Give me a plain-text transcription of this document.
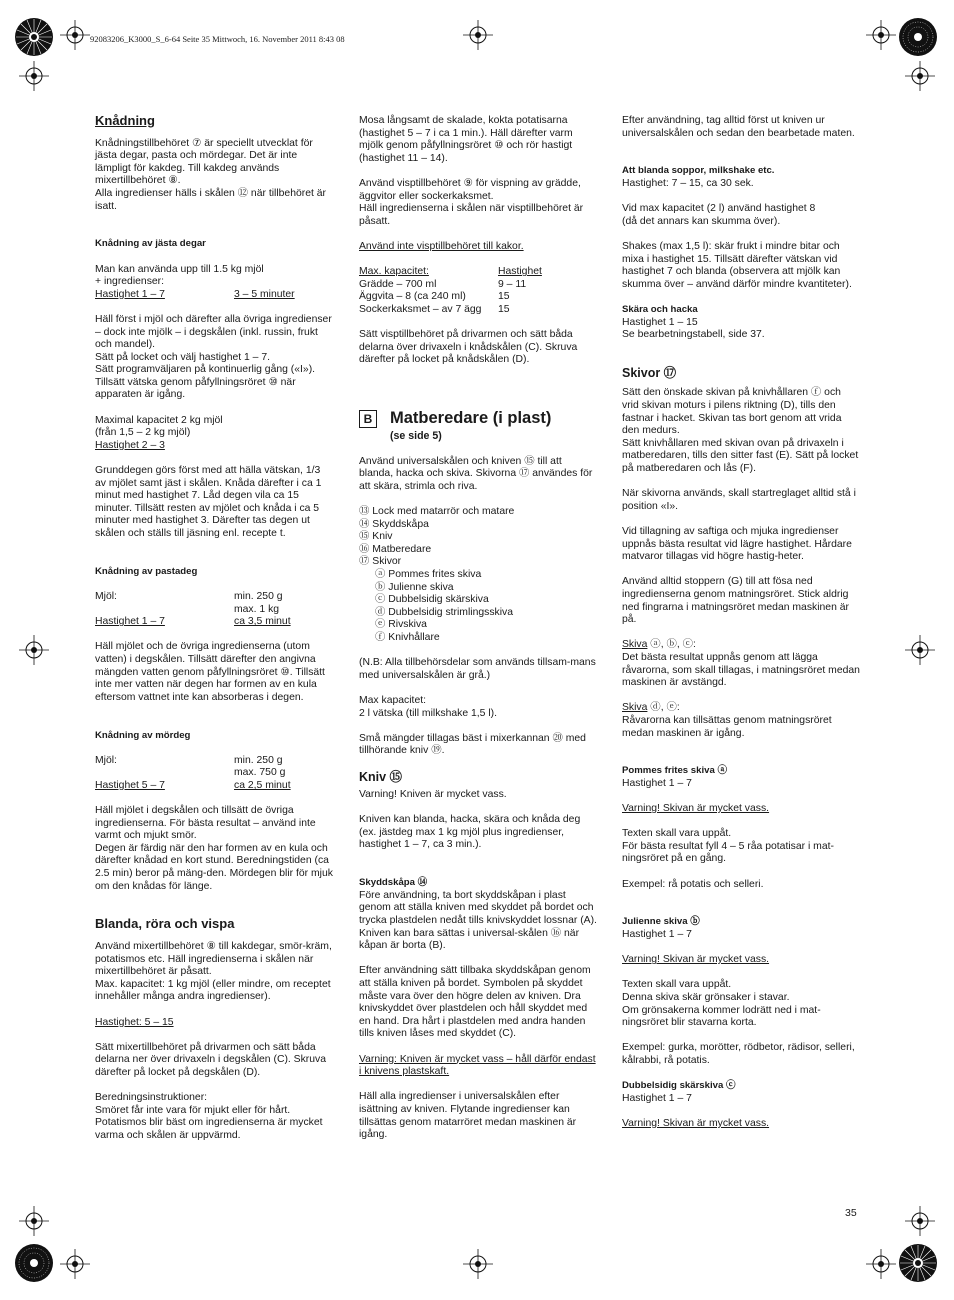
92083206_K3000_S_6-64 Seite 35 Mittwoch, 16. November 2011 8:43 08
Knådning
Knådningstillbehöret ⑦ är speciellt utvecklat för jästa degar, pasta och mördegar. Det är inte lämpligt för kakdeg. Till kakdeg används mixertillbehöret ⑧.
Alla ingredienser hälls i skålen ⑫ när tillbehöret är isatt.
Knådning av jästa degar
Man kan använda upp till 1.5 kg mjöl
+ ingredienser:
Hastighet 1 – 7	3 – 5 minuter
Häll först i mjöl och därefter alla övriga ingredienser – dock inte mjölk – i degskålen (inkl. russin, frukt och mandel).
Sätt på locket och välj hastighet 1 – 7.
Sätt programväljaren på kontinuerlig gång («I»).
Tillsätt vätska genom påfyllningsröret ⑩ när apparaten är igång.
Maximal kapacitet 2 kg mjöl
(från 1,5 – 2 kg mjöl)
Hastighet 2 – 3

Grunddegen görs först med att hälla vätskan, 1/3 av mjölet samt jäst i skålen. Knåda därefter i ca 1 minut med hastighet 7. Låd degen vila ca 15 minuter. Tillsätt resten av mjölet och knåda i ca 5 minuter med hastighet 3. Därefter tas degen ut skålen och ställs till jäsning enl. recepte t.

Knådning av pastadeg
Mjöl:	min. 250 g
max. 1 kg
Hastighet 1 – 7	ca 3,5 minut

Häll mjölet och de övriga ingredienserna (utom vatten) i degskålen. Tillsätt därefter den angivna mängden vatten genom påfyllningsröret ⑩. Tillsätt inte mer vatten när degen har formen av en kula eftersom vattnet inte kan absorberas i degen.

Knådning av mördeg
Mjöl:	min. 250 g
max. 750 g
Hastighet 5 – 7	ca 2,5 minut
Häll mjölet i degskålen och tillsätt de övriga ingredienserna. För bästa resultat – använd inte varmt och mjukt smör.
Degen är färdig när den har formen av en kula och därefter knådad en kort stund. Beredningstiden (ca 2.5 min) beror på mäng-den. Mördegen blir för mjuk om den knådas för länge.
Blanda, röra och vispa
Använd mixertillbehöret ⑧ till kakdegar, smör-kräm, potatismos etc. Häll ingredienserna i skålen när mixertillbehöret är påsatt.
Max. kapacitet: 1 kg mjöl (eller mindre, om receptet innehåller många andra ingredienser).

Hastighet: 5 – 15

Sätt mixertillbehöret på drivarmen och sätt båda delarna ner över drivaxeln i degskålen (C). Skruva därefter på locket på degskålen (D).

Beredningsinstruktioner:
Smöret får inte vara för mjukt eller för hårt. Potatismos blir bäst om ingredienserna är mycket varma och skålen är uppvärmd.

Mosa långsamt de skalade, kokta potatisarna (hastighet 5 – 7 i ca 1 min.). Häll därefter varm mjölk genom påfyllningsröret ⑩ och rör hastigt (hastighet 11 – 14).

Använd visptillbehöret ⑨ för vispning av grädde, äggvitor eller sockerkaksmet.
Häll ingredienserna i skålen när visptillbehöret är påsatt.

Använd inte visptillbehöret till kakor.

Max. kapacitet:	Hastighet
Grädde – 700 ml	9 – 11
Äggvita – 8 (ca 240 ml)	15
Sockerkaksmet – av 7 ägg	15

Sätt visptillbehöret på drivarmen och sätt båda delarna över drivaxeln i knådskålen (C). Skruva därefter på locket på knådskålen (D).

B Matberedare (i plast)
(se side 5)

Använd universalskålen och kniven ⑮ till att blanda, hacka och skiva. Skivorna ⑰ användes för att skära, strimla och riva.

⑬ Lock med matarrör och matare
⑭ Skyddskåpa
⑮ Kniv
⑯ Matberedare
⑰ Skivor
ⓐ Pommes frites skiva
ⓑ Julienne skiva
ⓒ Dubbelsidig skärskiva
ⓓ Dubbelsidig strimlingsskiva
ⓔ Rivskiva
ⓕ Knivhållare

(N.B: Alla tillbehörsdelar som används tillsam-mans med universalskålen är grå.)

Max kapacitet:
2 l vätska (till milkshake 1,5 l).

Små mängder tillagas bäst i mixerkannan ⑳ med tillhörande kniv ⑲.

Kniv ⑮

Varning! Kniven är mycket vass.

Kniven kan blanda, hacka, skära och knåda deg (ex. jästdeg max 1 kg mjöl plus ingredienser, hastighet 1 – 7, ca 3 min.).

Skyddskåpa ⑭

Före användning, ta bort skyddskåpan i plast genom att ställa kniven med skyddet på bordet och trycka plastdelen nedåt tills knivskyddet lossnar (A). Kniven kan bara sättas i universal-skålen ⑯ när kåpan är borta (B).

Efter användning sätt tillbaka skyddskåpan genom att ställa kniven på bordet. Symbolen på skyddet måste vara över den högre delen av kniven. Dra knivskyddet över plastdelen och håll skyddet med en hand. Dra hårt i plastdelen med andra handen tills kniven låses med skyddet (C).

Varning: Kniven är mycket vass – håll därför endast i knivens plastskaft.

Häll alla ingredienser i universalskålen efter isättning av kniven. Flytande ingredienser kan tillsättas genom matarröret medan maskinen är igång.

Efter användning, tag alltid först ut kniven ur universalskålen och sedan den bearbetade maten.

Att blanda soppor, milkshake etc.

Hastighet: 7 – 15, ca 30 sek.

Vid max kapacitet (2 l) använd hastighet 8
(då det annars kan skumma över).

Shakes (max 1,5 l): skär frukt i mindre bitar och mixa i hastighet 15. Tillsätt därefter vätskan vid hastighet 7 och blanda (observera att mjölk kan skumma över – använd därför mindre kvantiteter).

Skära och hacka
Hastighet 1 – 15
Se bearbetningstabell, side 37.
Skivor ⑰
Sätt den önskade skivan på knivhållaren ⓕ och vrid skivan moturs i pilens riktning (D), tills den fastnar i hacket. Skivan tas bort genom att vrida den medurs.
Sätt knivhållaren med skivan ovan på drivaxeln i matberedaren, tills den sitter fast (E). Sätt på locket på matberedaren och lås (F).

När skivorna används, skall startreglaget alltid stå i position «I».

Vid tillagning av saftiga och mjuka ingredienser uppnås bästa resultat vid lägre hastighet. Hårdare matvaror tillagas vid högre hastig-heter.

Använd alltid stoppern (G) till att fösa ned ingredienserna genom matningsröret. Stick aldrig ned fingrarna i matningsröret medan maskinen är på.

Skiva ⓐ, ⓑ, ⓒ:
Det bästa resultat uppnås genom att lägga råvarorna, som skall tillagas, i matningsröret medan maskinen är avstängd.
Skiva ⓓ, ⓔ:
Råvarorna kan tillsättas genom matningsröret medan maskinen är igång.
Pommes frites skiva ⓐ

Hastighet 1 – 7

Varning! Skivan är mycket vass.

Texten skall vara uppåt.
För bästa resultat fyll 4 – 5 råa potatisar i mat-ningsröret på en gång.

Exempel: rå potatis och selleri.

Julienne skiva ⓑ

Hastighet 1 – 7

Varning! Skivan är mycket vass.

Texten skall vara uppåt.
Denna skiva skär grönsaker i stavar.
Om grönsakerna kommer lodrätt ned i mat-ningsröret blir stavarna korta.

Exempel: gurka, morötter, rödbetor, rädisor, selleri, kålrabbi, rå potatis.

Dubbelsidig skärskiva ⓒ

Hastighet 1 – 7

Varning! Skivan är mycket vass.

35
